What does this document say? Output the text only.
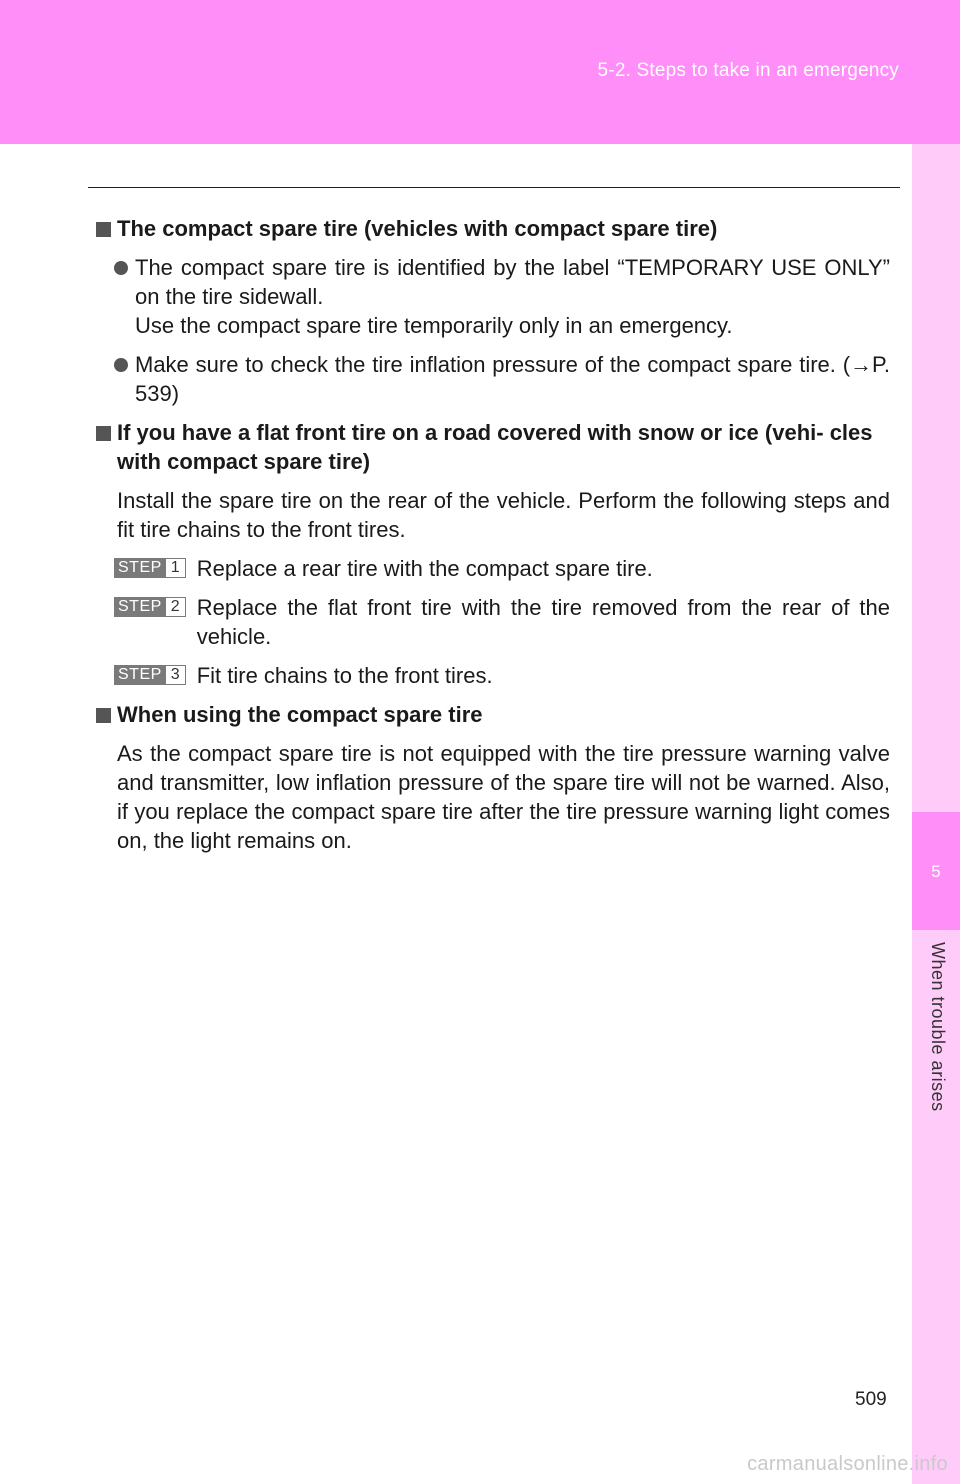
5-2. Steps to take in an emergency
5
When trouble arises
The compact spare tire (vehicles with compact spare tire)
The compact spare tire is identified by the label “TEMPORARY USE ONLY” on the tire sidewall.
Use the compact spare tire temporarily only in an emergency.
Make sure to check the tire inflation pressure of the compact spare tire. (→P. 539)
If you have a flat front tire on a road covered with snow or ice (vehi- cles with compact spare tire)
Install the spare tire on the rear of the vehicle. Perform the following steps and fit tire chains to the front tires.
STEP 1 Replace a rear tire with the compact spare tire.
STEP 2 Replace the flat front tire with the tire removed from the rear of the vehicle.
STEP 3 Fit tire chains to the front tires.
When using the compact spare tire
As the compact spare tire is not equipped with the tire pressure warning valve and transmitter, low inflation pressure of the spare tire will not be warned. Also, if you replace the compact spare tire after the tire pressure warning light comes on, the light remains on.
509
carmanualsonline.info
